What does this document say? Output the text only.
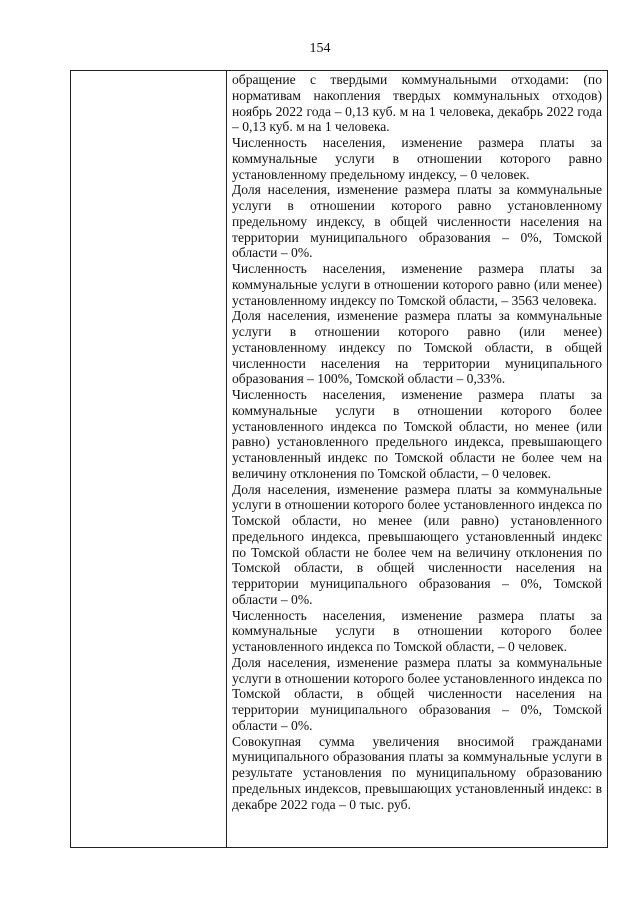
154

обращение с твердыми коммунальными отходами: (по нормативам накопления твердых коммунальных отходов) ноябрь 2022 года – 0,13 куб. м на 1 человека, декабрь 2022 года – 0,13 куб. м на 1 человека.

Численность населения, изменение размера платы за коммунальные услуги в отношении которого равно установленному предельному индексу, – 0 человек.

Доля населения, изменение размера платы за коммунальные услуги в отношении которого равно установленному предельному индексу, в общей численности населения на территории муниципального образования – 0%, Томской области – 0%.

Численность населения, изменение размера платы за коммунальные услуги в отношении которого равно (или менее) установленному индексу по Томской области, – 3563 человека.

Доля населения, изменение размера платы за коммунальные услуги в отношении которого равно (или менее) установленному индексу по Томской области, в общей численности населения на территории муниципального образования – 100%, Томской области – 0,33%.

Численность населения, изменение размера платы за коммунальные услуги в отношении которого более установленного индекса по Томской области, но менее (или равно) установленного предельного индекса, превышающего установленный индекс по Томской области не более чем на величину отклонения по Томской области, – 0 человек.

Доля населения, изменение размера платы за коммунальные услуги в отношении которого более установленного индекса по Томской области, но менее (или равно) установленного предельного индекса, превышающего установленный индекс по Томской области не более чем на величину отклонения по Томской области, в общей численности населения на территории муниципального образования – 0%, Томской области – 0%.

Численность населения, изменение размера платы за коммунальные услуги в отношении которого более установленного индекса по Томской области, – 0 человек.

Доля населения, изменение размера платы за коммунальные услуги в отношении которого более установленного индекса по Томской области, в общей численности населения на территории муниципального образования – 0%, Томской области – 0%.

Совокупная сумма увеличения вносимой гражданами муниципального образования платы за коммунальные услуги в результате установления по муниципальному образованию предельных индексов, превышающих установленный индекс: в декабре 2022 года – 0 тыс. руб.
